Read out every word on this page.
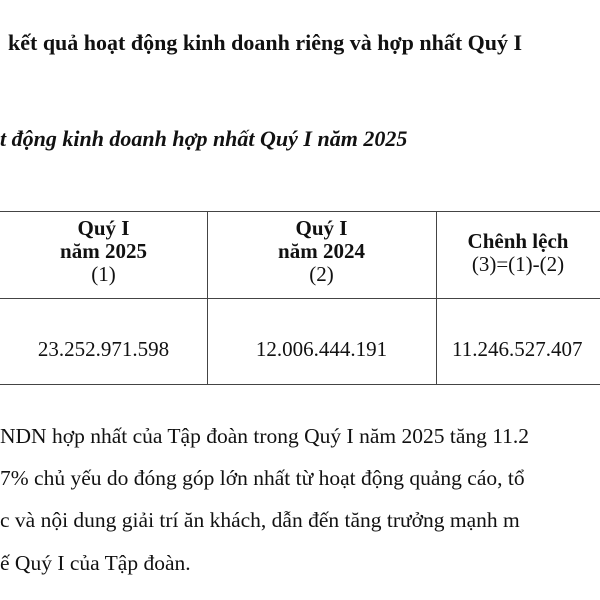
kết quả hoạt động kinh doanh riêng và hợp nhất Quý I
t động kinh doanh hợp nhất Quý I năm 2025
Quý I
năm 2025
(1)
Quý I
năm 2024
(2)
Chênh lệch
(3)=(1)-(2)
23.252.971.598	12.006.444.191	11.246.527.407
NDN hợp nhất của Tập đoàn trong Quý I năm 2025 tăng 11.2
7% chủ yếu do đóng góp lớn nhất từ hoạt động quảng cáo, tổ
c và nội dung giải trí ăn khách, dẫn đến tăng trưởng mạnh m
ế Quý I của Tập đoàn.
